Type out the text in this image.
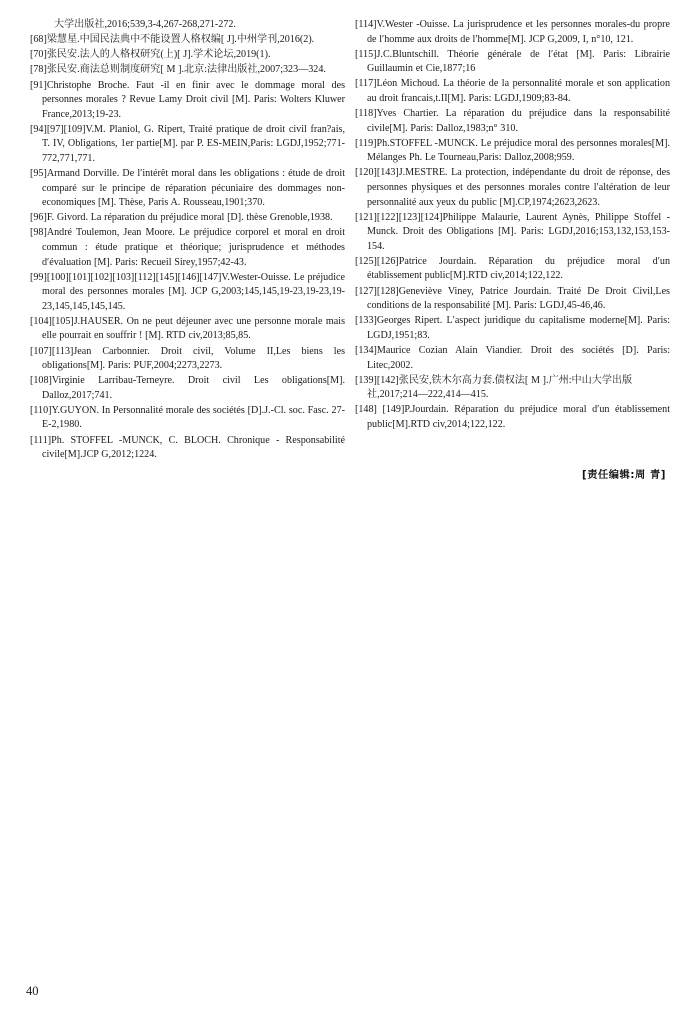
大学出版社,2016;539,3-4,267-268,271-272.

[68]梁慧星.中国民法典中不能设置人格权编[ J].中州学刊,2016(2).

[70]张民安.法人的人格权研究(上)[ J].学术论坛,2019(1).

[78]张民安.商法总则制度研究[ M ].北京:法律出版社,2007;323—324.

[91]Christophe Broche. Faut -il en finir avec le dommage moral des personnes morales ? Revue Lamy Droit civil [M]. Paris: Wolters Kluwer France,2013;19-23.

[94][97][109]V.M. Planiol, G. Ripert, Traité pratique de droit civil fran?ais, T. IV, Obligations, 1er partie[M]. par P. ES-MEIN,Paris: LGDJ,1952;771-772,771,771.

[95]Armand Dorville. De l′intérêt moral dans les obligations : étude de droit comparé sur le principe de réparation pécuniaire des dommages non-economiques [M]. Thèse, Paris A. Rousseau,1901;370.

[96]F. Givord. La réparation du préjudice moral [D]. thèse Grenoble,1938.

[98]André Toulemon, Jean Moore. Le préjudice corporel et moral en droit commun : étude pratique et théorique; jurisprudence et méthodes d′évaluation [M]. Paris: Recueil Sirey,1957;42-43.

[99][100][101][102][103][112][145][146][147]V.Wester-Ouisse. Le préjudice moral des personnes morales [M]. JCP G,2003;145,145,19-23,19-23,19-23,145,145,145,145.

[104][105]J.HAUSER. On ne peut déjeuner avec une personne morale mais elle pourrait en souffrir ! [M]. RTD civ,2013;85,85.

[107][113]Jean Carbonnier. Droit civil, Volume II,Les biens les obligations[M]. Paris: PUF,2004;2273,2273.

[108]Virginie Larribau-Terneyre. Droit civil Les obligations[M]. Dalloz,2017;741.

[110]Y.GUYON. In Personnalité morale des sociétés [D].J.-Cl. soc. Fasc. 27-E-2,1980.

[111]Ph. STOFFEL -MUNCK, C. BLOCH. Chronique - Responsabilité civile[M].JCP G,2012;1224.

[114]V.Wester -Ouisse. La jurisprudence et les personnes morales-du propre de l′homme aux droits de l′homme[M]. JCP G,2009, I, n°10, 121.

[115]J.C.Bluntschill. Théorie générale de l′état [M]. Paris: Librairie Guillaumin et Cie,1877;16

[117]Léon Michoud. La théorie de la personnalité morale et son application au droit francais,t.II[M]. Paris: LGDJ,1909;83-84.

[118]Yves Chartier. La réparation du préjudice dans la responsabilité civile[M]. Paris: Dalloz,1983;n° 310.

[119]Ph.STOFFEL -MUNCK. Le préjudice moral des personnes morales[M]. Mélanges Ph. Le Tourneau,Paris: Dalloz,2008;959.

[120][143]J.MESTRE. La protection, indépendante du droit de réponse, des personnes physiques et des personnes morales contre l′altération de leur personnalité aux yeux du public [M].CP,1974;2623,2623.

[121][122][123][124]Philippe Malaurie, Laurent Aynès, Philippe Stoffel -Munck. Droit des Obligations [M]. Paris: LGDJ,2016;153,132,153,153-154.

[125][126]Patrice Jourdain. Réparation du préjudice moral d′un établissement public[M].RTD civ,2014;122,122.

[127][128]Geneviève Viney, Patrice Jourdain. Traité De Droit Civil,Les conditions de la responsabilité [M]. Paris: LGDJ,45-46,46.

[133]Georges Ripert. L′aspect juridique du capitalisme moderne[M]. Paris: LGDJ,1951;83.

[134]Maurice Cozian Alain Viandier. Droit des sociétés [D]. Paris: Litec,2002.

[139][142]张民安,铁木尔高力套.债权法[ M ].广州:中山大学出版社,2017;214—222,414—415.

[148] [149]P.Jourdain. Réparation du préjudice moral d′un établissement public[M].RTD civ,2014;122,122.

[责任编辑:周 青]
40
